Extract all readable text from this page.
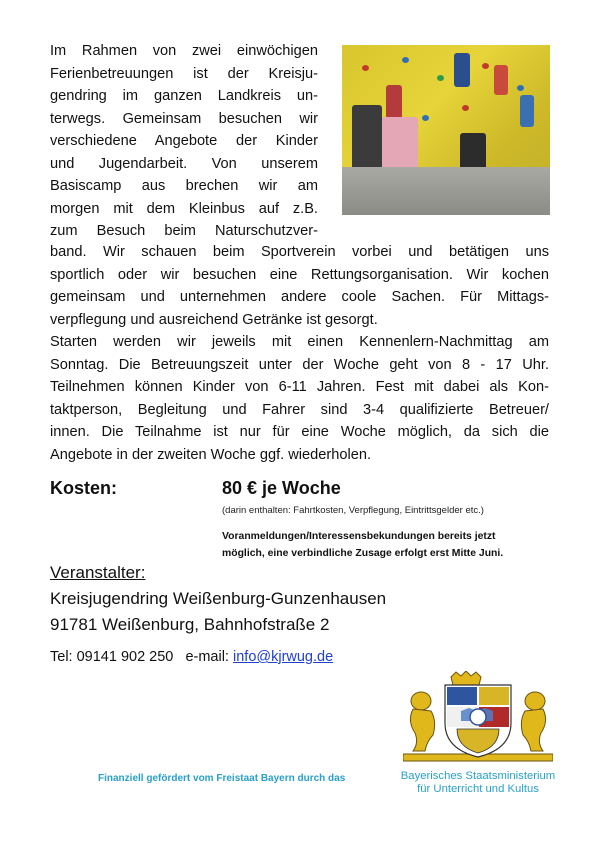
Im Rahmen von zwei einwöchigen
Ferienbetreuungen ist der Kreisju-
gendring im ganzen Landkreis un-
terwegs. Gemeinsam besuchen wir
verschiedene Angebote der Kinder
und Jugendarbeit. Von unserem
Basiscamp aus brechen wir am
morgen mit dem Kleinbus auf z.B.
zum Besuch beim Naturschutzver-
band. Wir schauen beim Sportverein vorbei und betätigen uns
sportlich oder wir besuchen eine Rettungsorganisation. Wir kochen
gemeinsam und unternehmen andere coole Sachen. Für Mittags-
verpflegung und ausreichend Getränke ist gesorgt.
Starten werden wir jeweils mit einen Kennenlern-Nachmittag am
Sonntag. Die Betreuungszeit unter der Woche geht von 8 - 17 Uhr.
Teilnehmen können Kinder von 6-11 Jahren. Fest mit dabei als Kon-
taktperson, Begleitung und Fahrer sind 3-4 qualifizierte Betreuer/
innen. Die Teilnahme ist nur für eine Woche möglich, da sich die
Angebote in der zweiten Woche ggf. wiederholen.
Kosten:	80 € je Woche
(darin enthalten: Fahrtkosten, Verpflegung, Eintrittsgelder etc.)
Voranmeldungen/Interessensbekundungen bereits jetzt
möglich, eine verbindliche Zusage erfolgt erst Mitte Juni.
Veranstalter:
Kreisjugendring Weißenburg-Gunzenhausen
91781 Weißenburg, Bahnhofstraße 2
Tel: 09141 902 250 e-mail: info@kjrwug.de
Finanziell gefördert vom Freistaat Bayern durch das	Bayerisches Staatsministerium
für Unterricht und Kultus
